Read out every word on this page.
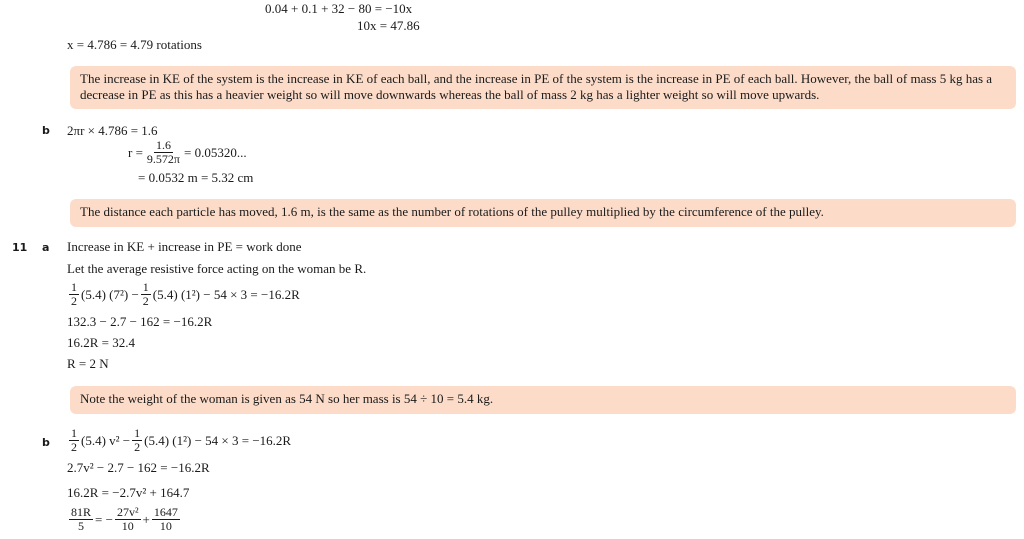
0.04 + 0.1 + 32 − 80 = −10x
10x = 47.86
x = 4.786 = 4.79 rotations
The increase in KE of the system is the increase in KE of each ball, and the increase in PE of the system is the increase in PE of each ball. However, the ball of mass 5 kg has a decrease in PE as this has a heavier weight so will move downwards whereas the ball of mass 2 kg has a lighter weight so will move upwards.
b 2πr × 4.786 = 1.6
$r = \frac{1.6}{9.572\pi} = 0.05320$...
= 0.0532 m = 5.32 cm
The distance each particle has moved, 1.6 m, is the same as the number of rotations of the pulley multiplied by the circumference of the pulley.
11 a Increase in KE + increase in PE = work done
Let the average resistive force acting on the woman be R.
$\frac{1}{2} (5.4) (7^2) - \frac{1}{2} (5.4) (1^2) - 54 \times 3 = -16.2R$
132.3 − 2.7 − 162 = −16.2R
16.2R = 32.4
R = 2 N
Note the weight of the woman is given as 54 N so her mass is 54 ÷ 10 = 5.4 kg.
b $\frac{1}{2} (5.4) v^2 - \frac{1}{2} (5.4) (1^2) - 54 \times 3 = -16.2R$
2.7v² − 2.7 − 162 = −16.2R
16.2R = −2.7v² + 164.7
$\frac{81R}{5}$ = − $\frac{\text{27v²}}{10} + \frac{1647}{10}$
